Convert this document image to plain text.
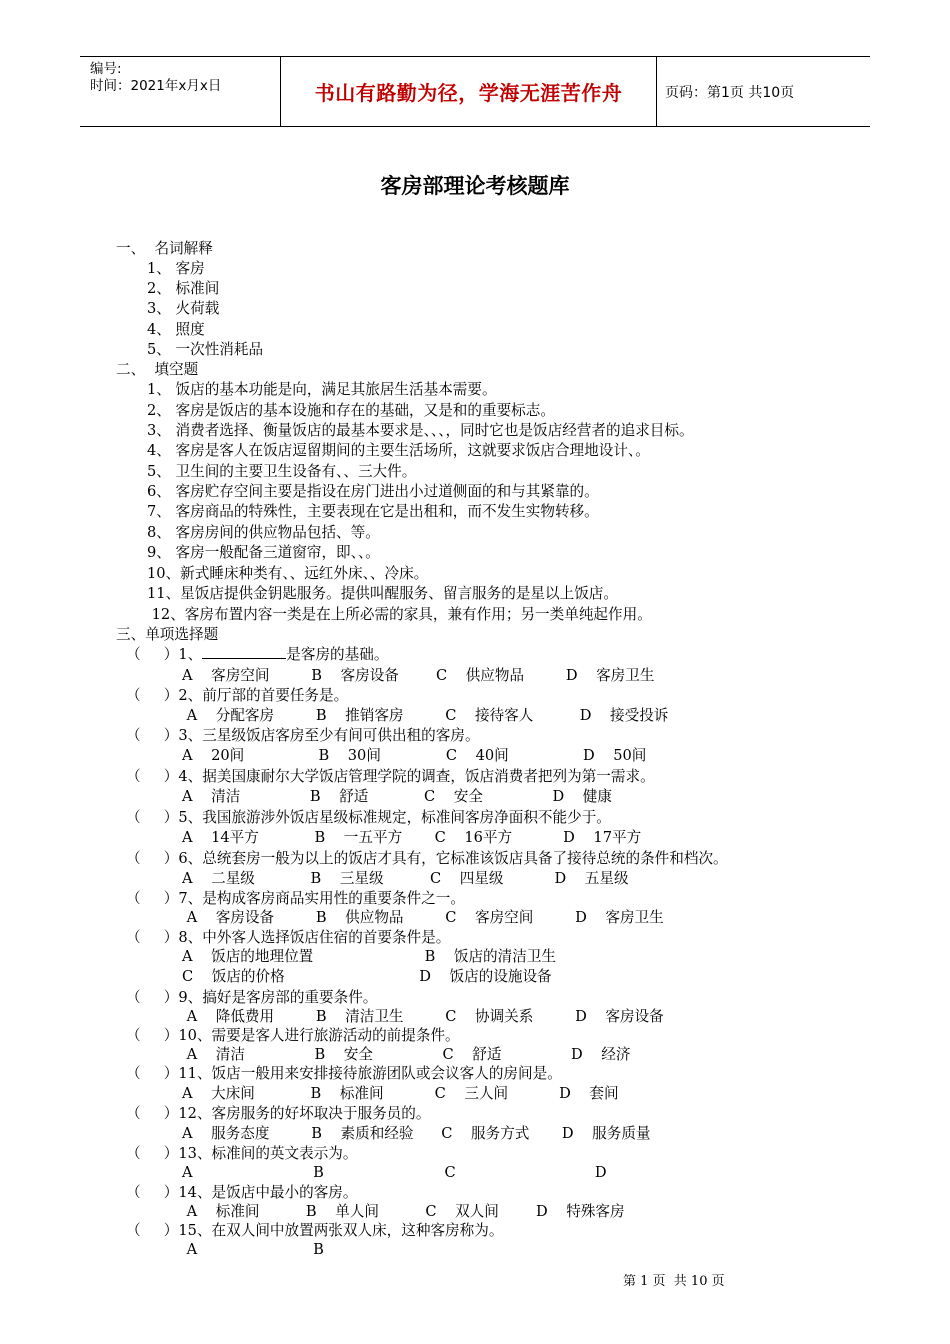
编号:
时间：2021年x月x日	书山有路勤为径，学海无涯苦作舟	页码：第1页 共10页
客房部理论考核题库
一、  名词解释
1、 客房
2、 标准间
3、 火荷载
4、 照度
5、 一次性消耗品
二、  填空题
1、 饭店的基本功能是向，满足其旅居生活基本需要。
2、 客房是饭店的基本设施和存在的基础，又是和的重要标志。
3、 消费者选择、衡量饭店的最基本要求是、、、，同时它也是饭店经营者的追求目标。
4、 客房是客人在饭店逗留期间的主要生活场所，这就要求饭店合理地设计、。
5、 卫生间的主要卫生设备有、、三大件。
6、 客房贮存空间主要是指设在房门进出小过道侧面的和与其紧靠的。
7、 客房商品的特殊性，主要表现在它是出租和，而不发生实物转移。
8、 客房房间的供应物品包括、等。
9、 客房一般配备三道窗帘，即、、。
10、新式睡床种类有、、远红外床、、冷床。
11、星饭店提供金钥匙服务。提供叫醒服务、留言服务的是星以上饭店。
12、客房布置内容一类是在上所必需的家具，兼有作用；另一类单纯起作用。
三、单项选择题
（     ）1、	是客房的基础。
A    客房空间         B    客房设备        C    供应物品         D    客房卫生
（     ）2、前厅部的首要任务是。
A    分配客房         B    推销客房         C    接待客人          D    接受投诉
（     ）3、三星级饭店客房至少有间可供出租的客房。
A    20间                B    30间              C    40间                D    50间
（     ）4、据美国康耐尔大学饭店管理学院的调查，饭店消费者把列为第一需求。
A    清洁               B    舒适            C    安全               D    健康
（     ）5、我国旅游涉外饭店星级标准规定，标准间客房净面积不能少于。
A    14平方            B    一五平方       C    16平方           D    17平方
（     ）6、总统套房一般为以上的饭店才具有，它标准该饭店具备了接待总统的条件和档次。
A    二星级            B    三星级          C    四星级           D    五星级
（     ）7、是构成客房商品实用性的重要条件之一。
A    客房设备         B    供应物品         C    客房空间         D    客房卫生
（     ）8、中外客人选择饭店住宿的首要条件是。
A    饭店的地理位置                        B    饭店的清洁卫生
C    饭店的价格                             D    饭店的设施设备
（     ）9、搞好是客房部的重要条件。
A    降低费用         B    清洁卫生         C    协调关系         D    客房设备
（     ）10、需要是客人进行旅游活动的前提条件。
A    清洁               B    安全               C    舒适               D    经济
（     ）11、饭店一般用来安排接待旅游团队或会议客人的房间是。
A    大床间            B    标准间           C    三人间           D    套间
（     ）12、客房服务的好坏取决于服务员的。
A    服务态度         B    素质和经验      C    服务方式       D    服务质量
（     ）13、标准间的英文表示为。
A                          B                          C                              D
（     ）14、是饭店中最小的客房。
A    标准间          B    单人间          C    双人间        D    特殊客房
（     ）15、在双人间中放置两张双人床，这种客房称为。
A                         B
第 1 页  共 10 页
